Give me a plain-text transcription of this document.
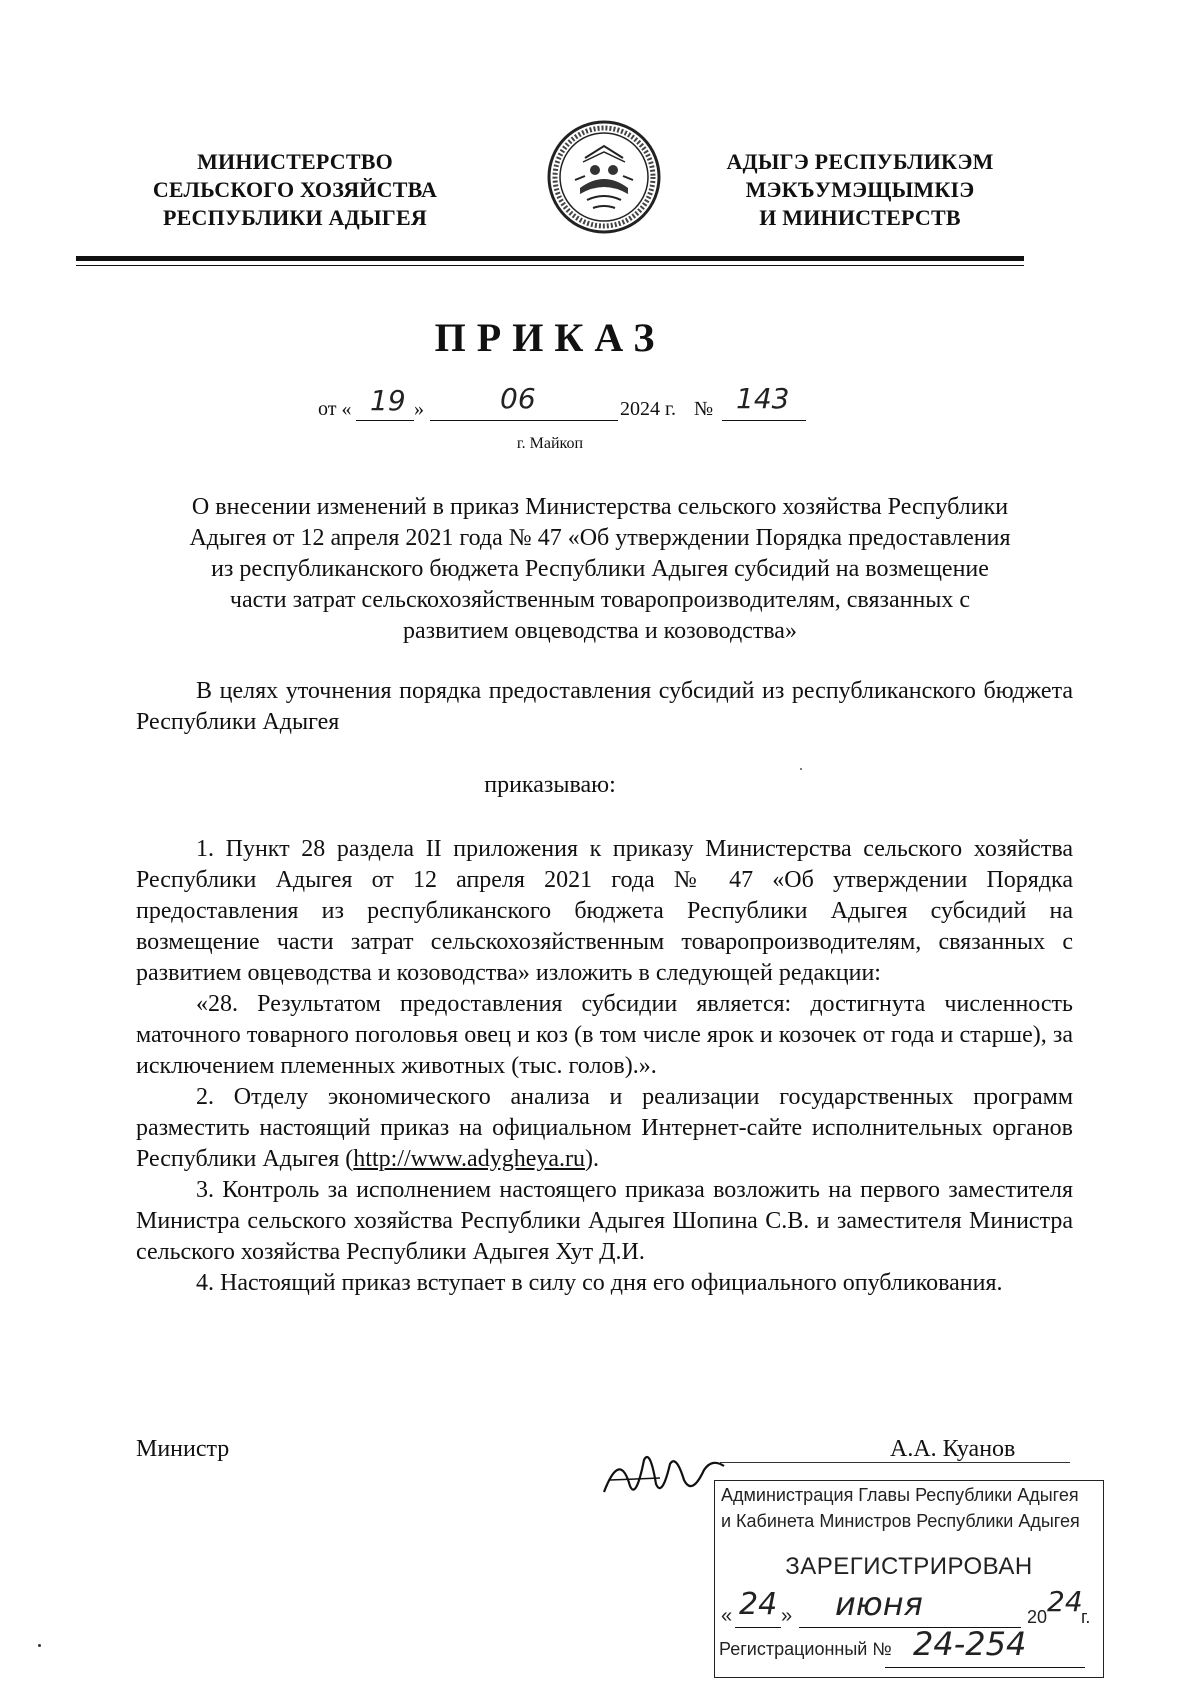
МИНИСТЕРСТВО
СЕЛЬСКОГО ХОЗЯЙСТВА
РЕСПУБЛИКИ АДЫГЕЯ
АДЫГЭ РЕСПУБЛИКЭМ
МЭКЪУМЭЩЫМКIЭ
И МИНИСТЕРСТВ
ПРИКАЗ
от « 19 »	06	2024 г. № 143
г. Майкоп
О внесении изменений в приказ Министерства сельского хозяйства Республики
Адыгея от 12 апреля 2021 года № 47 «Об утверждении Порядка предоставления
из республиканского бюджета Республики Адыгея субсидий на возмещение
части затрат сельскохозяйственным товаропроизводителям, связанных с
развитием овцеводства и козоводства»

В целях уточнения порядка предоставления субсидий из республиканского бюджета Республики Адыгея

приказываю:

1. Пункт 28 раздела II приложения к приказу Министерства сельского хозяйства Республики Адыгея от 12 апреля 2021 года № 47 «Об утверждении Порядка предоставления из республиканского бюджета Республики Адыгея субсидий на возмещение части затрат сельскохозяйственным товаропроизводителям, связанных с развитием овцеводства и козоводства» изложить в следующей редакции:

«28. Результатом предоставления субсидии является: достигнута численность маточного товарного поголовья овец и коз (в том числе ярок и козочек от года и старше), за исключением племенных животных (тыс. голов).».

2. Отделу экономического анализа и реализации государственных программ разместить настоящий приказ на официальном Интернет-сайте исполнительных органов Республики Адыгея (http://www.adygheya.ru).

3. Контроль за исполнением настоящего приказа возложить на первого заместителя Министра сельского хозяйства Республики Адыгея Шопина С.В. и заместителя Министра сельского хозяйства Республики Адыгея Хут Д.И.

4. Настоящий приказ вступает в силу со дня его официального опубликования.

Министр	А.А. Куанов
Администрация Главы Республики Адыгея
и Кабинета Министров Республики Адыгея
ЗАРЕГИСТРИРОВАН
« 24 » июня	20 24
г.
Регистрационный № 24-254
